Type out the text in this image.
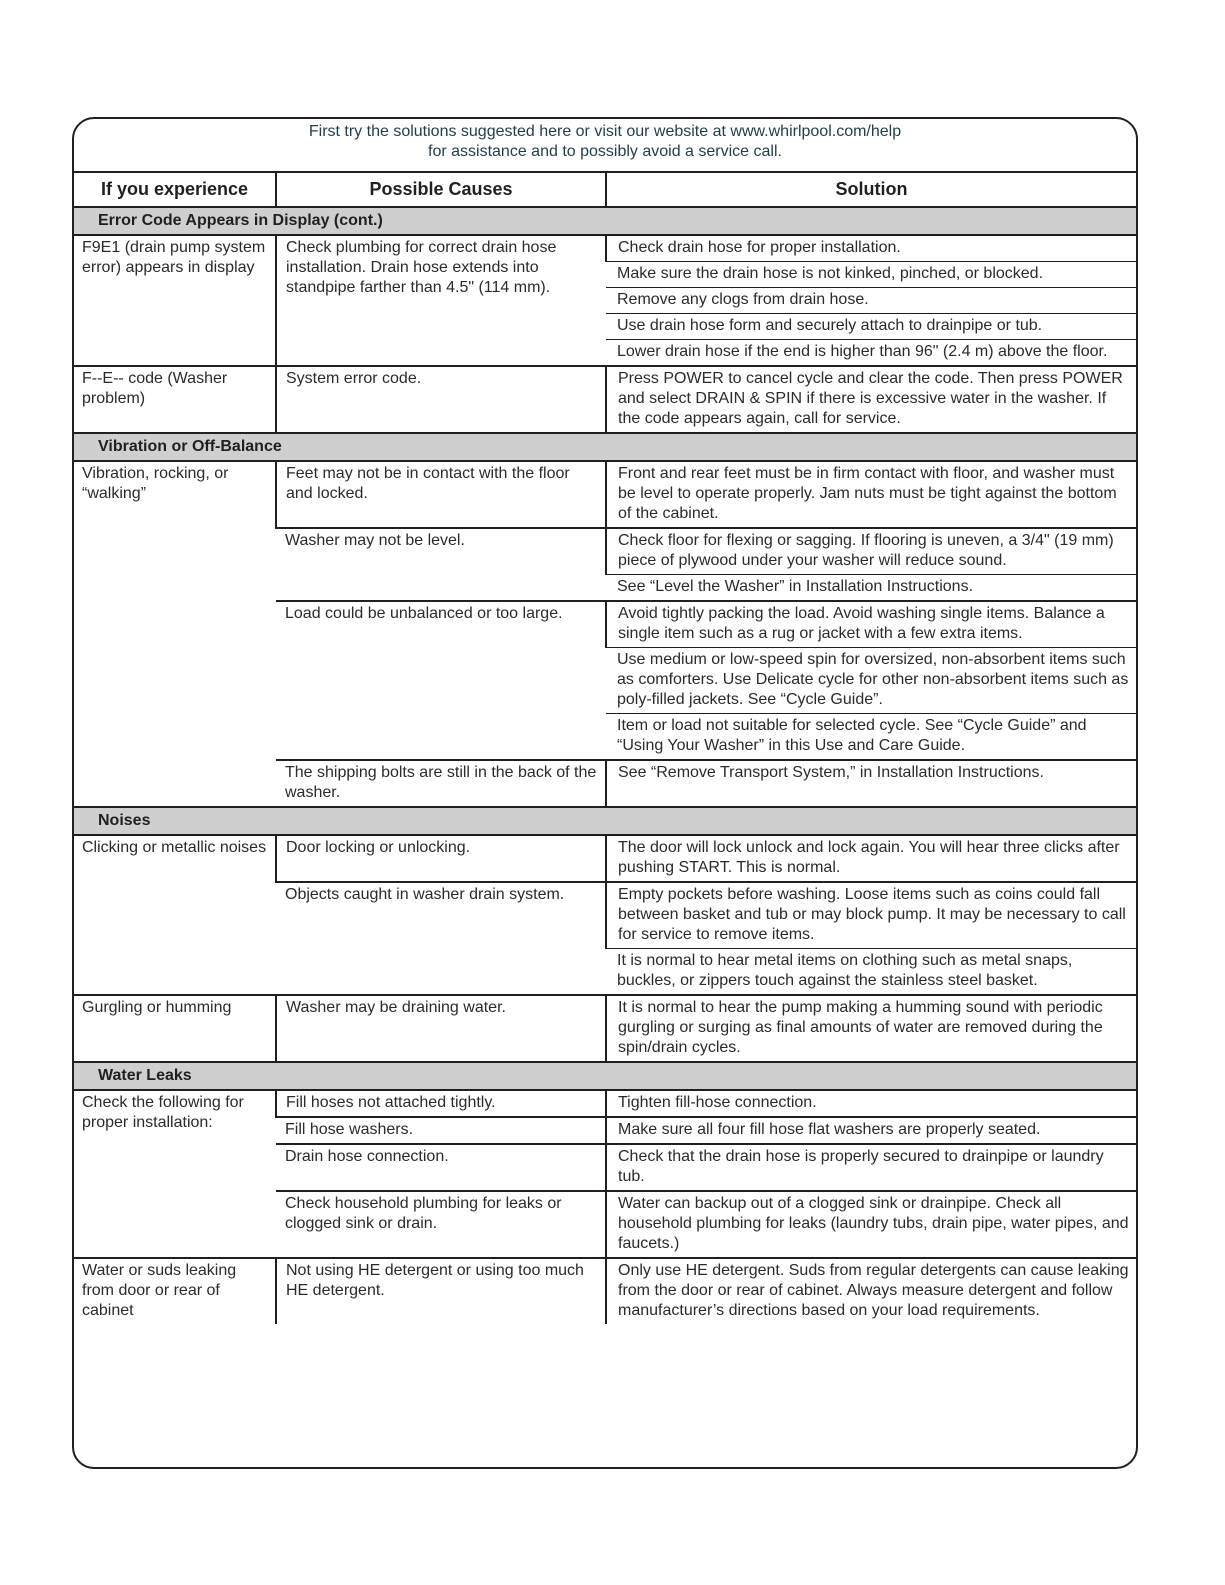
First try the solutions suggested here or visit our website at www.whirlpool.com/help
for assistance and to possibly avoid a service call.
If you experience	Possible Causes	Solution
Error Code Appears in Display (cont.)		
F9E1 (drain pump system error) appears in display	Check plumbing for correct drain hose installation. Drain hose extends into standpipe farther than 4.5" (114 mm).	Check drain hose for proper installation.
		Make sure the drain hose is not kinked, pinched, or blocked.
		Remove any clogs from drain hose.
		Use drain hose form and securely attach to drainpipe or tub.
		Lower drain hose if the end is higher than 96" (2.4 m) above the floor.
F--E-- code (Washer problem)	System error code.	Press POWER to cancel cycle and clear the code. Then press POWER and select DRAIN & SPIN if there is excessive water in the washer. If the code appears again, call for service.
Vibration or Off-Balance		
Vibration, rocking, or “walking”	Feet may not be in contact with the floor and locked.	Front and rear feet must be in firm contact with floor, and washer must be level to operate properly. Jam nuts must be tight against the bottom of the cabinet.
	Washer may not be level.	Check floor for flexing or sagging. If flooring is uneven, a 3/4" (19 mm) piece of plywood under your washer will reduce sound.
		See “Level the Washer” in Installation Instructions.
	Load could be unbalanced or too large.	Avoid tightly packing the load. Avoid washing single items. Balance a single item such as a rug or jacket with a few extra items.
		Use medium or low-speed spin for oversized, non-absorbent items such as comforters. Use Delicate cycle for other non-absorbent items such as poly-filled jackets. See “Cycle Guide”.
		Item or load not suitable for selected cycle. See “Cycle Guide” and “Using Your Washer” in this Use and Care Guide.
	The shipping bolts are still in the back of the washer.	See “Remove Transport System,” in Installation Instructions.
Noises		
Clicking or metallic noises	Door locking or unlocking.	The door will lock unlock and lock again. You will hear three clicks after pushing START. This is normal.
	Objects caught in washer drain system.	Empty pockets before washing. Loose items such as coins could fall between basket and tub or may block pump. It may be necessary to call for service to remove items.
		It is normal to hear metal items on clothing such as metal snaps, buckles, or zippers touch against the stainless steel basket.
Gurgling or humming	Washer may be draining water.	It is normal to hear the pump making a humming sound with periodic gurgling or surging as final amounts of water are removed during the spin/drain cycles.
Water Leaks		
Check the following for proper installation:	Fill hoses not attached tightly.	Tighten fill-hose connection.
	Fill hose washers.	Make sure all four fill hose flat washers are properly seated.
	Drain hose connection.	Check that the drain hose is properly secured to drainpipe or laundry tub.
	Check household plumbing for leaks or clogged sink or drain.	Water can backup out of a clogged sink or drainpipe. Check all household plumbing for leaks (laundry tubs, drain pipe, water pipes, and faucets.)
Water or suds leaking from door or rear of cabinet	Not using HE detergent or using too much HE detergent.	Only use HE detergent. Suds from regular detergents can cause leaking from the door or rear of cabinet. Always measure detergent and follow manufacturer’s directions based on your load requirements.
